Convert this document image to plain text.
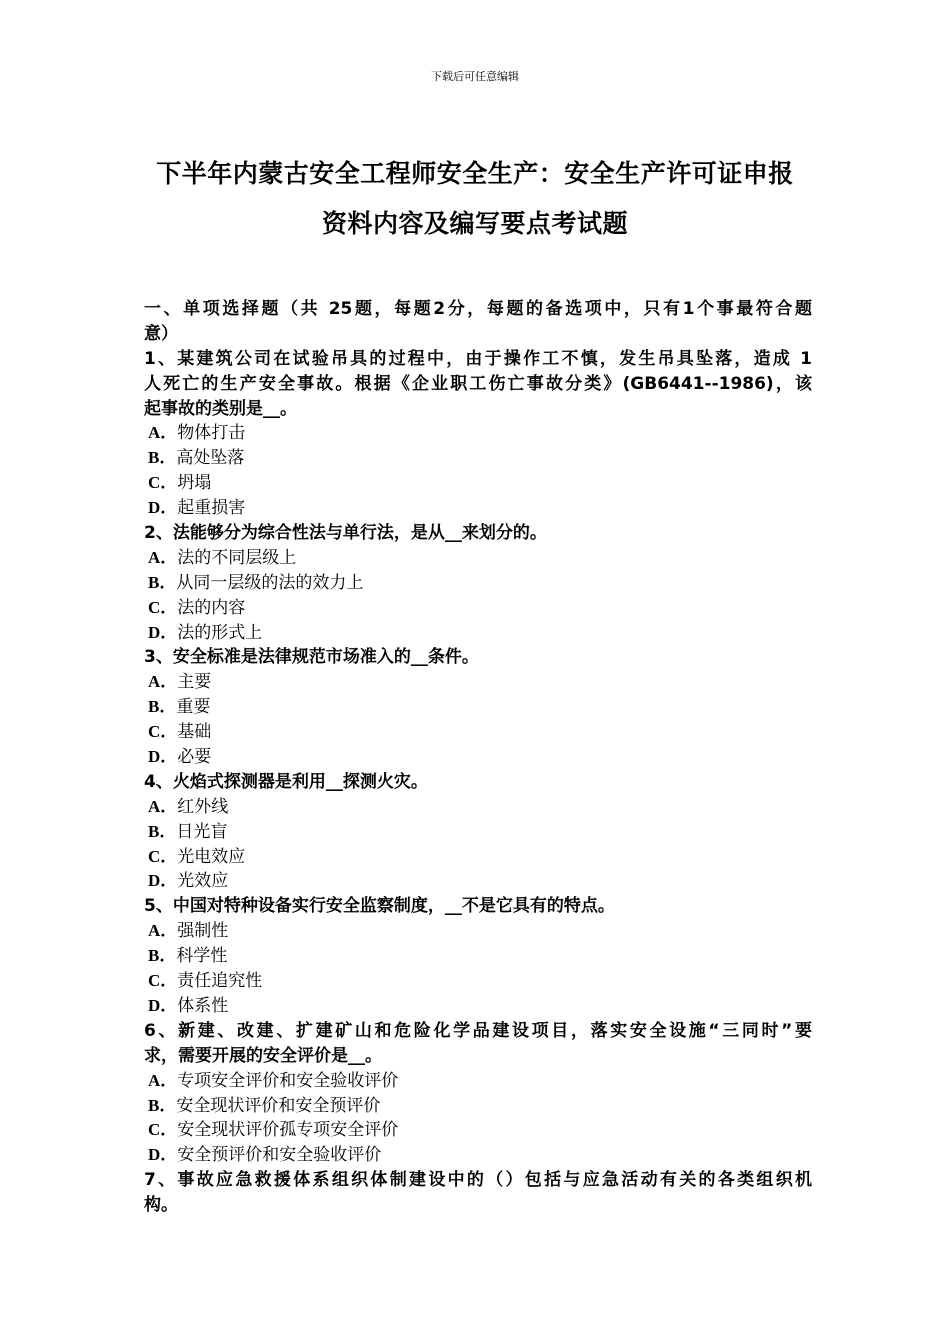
下载后可任意编辑
下半年内蒙古安全工程师安全生产：安全生产许可证申报
资料内容及编写要点考试题
一、单项选择题（共 25题，每题2分，每题的备选项中，只有1个事最符合题
意）
1、某建筑公司在试验吊具的过程中，由于操作工不慎，发生吊具坠落，造成 1
人死亡的生产安全事故。根据《企业职工伤亡事故分类》(GB6441--1986)，该
起事故的类别是__。
A．物体打击
B．高处坠落
C．坍塌
D．起重损害
2、法能够分为综合性法与单行法，是从__来划分的。
A．法的不同层级上
B．从同一层级的法的效力上
C．法的内容
D．法的形式上
3、安全标准是法律规范市场准入的__条件。
A．主要
B．重要
C．基础
D．必要
4、火焰式探测器是利用__探测火灾。
A．红外线
B．日光盲
C．光电效应
D．光效应
5、中国对特种设备实行安全监察制度，__不是它具有的特点。
A．强制性
B．科学性
C．责任追究性
D．体系性
6、新建、改建、扩建矿山和危险化学品建设项目，落实安全设施“三同时”要
求，需要开展的安全评价是__。
A．专项安全评价和安全验收评价
B．安全现状评价和安全预评价
C．安全现状评价孤专项安全评价
D．安全预评价和安全验收评价
7、事故应急救援体系组织体制建设中的（）包括与应急活动有关的各类组织机
构。
